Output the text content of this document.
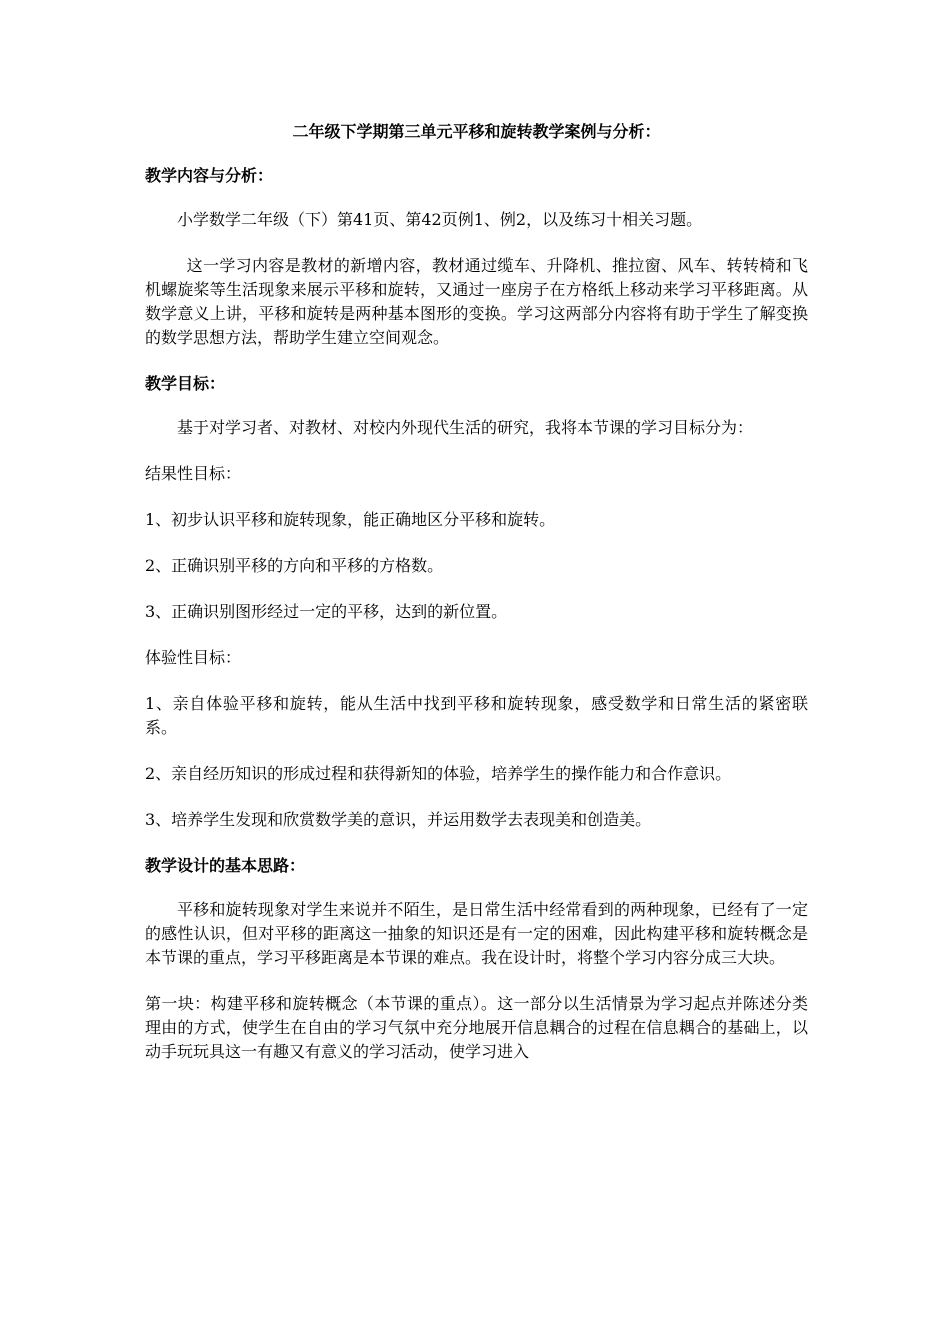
二年级下学期第三单元平移和旋转教学案例与分析：
教学内容与分析：

小学数学二年级（下）第41页、第42页例1、例2，以及练习十相关习题。

这一学习内容是教材的新增内容，教材通过缆车、升降机、推拉窗、风车、转转椅和飞机螺旋桨等生活现象来展示平移和旋转，又通过一座房子在方格纸上移动来学习平移距离。从数学意义上讲，平移和旋转是两种基本图形的变换。学习这两部分内容将有助于学生了解变换的数学思想方法，帮助学生建立空间观念。

教学目标：

基于对学习者、对教材、对校内外现代生活的研究，我将本节课的学习目标分为：

结果性目标：

1、初步认识平移和旋转现象，能正确地区分平移和旋转。

2、正确识别平移的方向和平移的方格数。

3、正确识别图形经过一定的平移，达到的新位置。

体验性目标：

1、亲自体验平移和旋转，能从生活中找到平移和旋转现象，感受数学和日常生活的紧密联系。

2、亲自经历知识的形成过程和获得新知的体验，培养学生的操作能力和合作意识。

3、培养学生发现和欣赏数学美的意识，并运用数学去表现美和创造美。

教学设计的基本思路：

平移和旋转现象对学生来说并不陌生，是日常生活中经常看到的两种现象，已经有了一定的感性认识，但对平移的距离这一抽象的知识还是有一定的困难，因此构建平移和旋转概念是本节课的重点，学习平移距离是本节课的难点。我在设计时，将整个学习内容分成三大块。

第一块：构建平移和旋转概念（本节课的重点）。这一部分以生活情景为学习起点并陈述分类理由的方式，使学生在自由的学习气氛中充分地展开信息耦合的过程在信息耦合的基础上，以动手玩玩具这一有趣又有意义的学习活动，使学习进入
